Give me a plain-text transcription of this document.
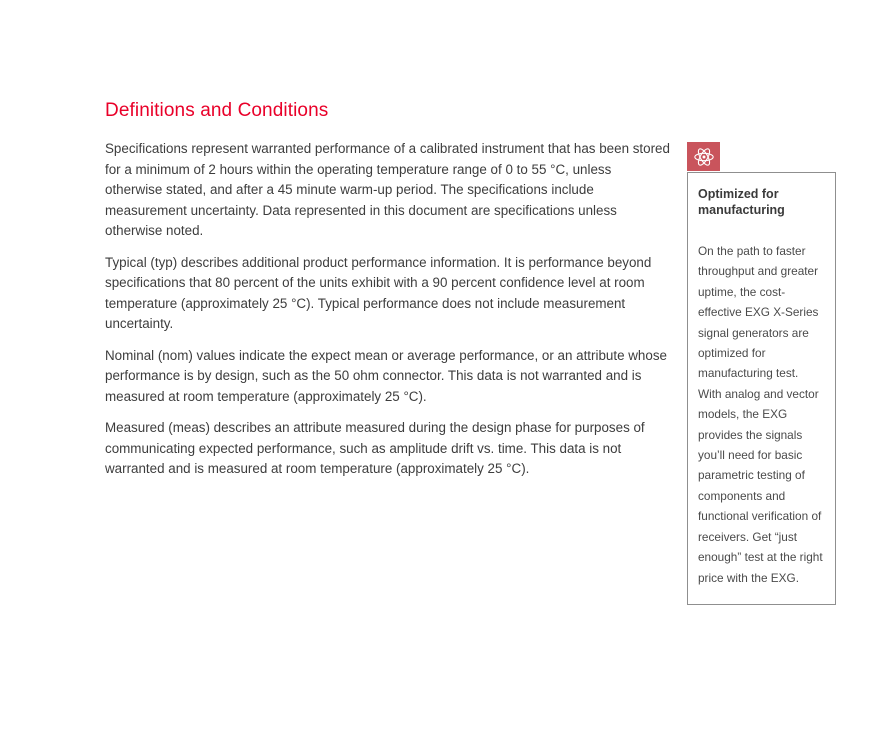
Definitions and Conditions

Specifications represent warranted performance of a calibrated instrument that has been stored for a minimum of 2 hours within the operating temperature range of 0 to 55 °C, unless otherwise stated, and after a 45 minute warm-up period. The specifications include measurement uncertainty. Data represented in this document are specifications unless otherwise noted.

Typical (typ) describes additional product performance information. It is performance beyond specifications that 80 percent of the units exhibit with a 90 percent confidence level at room temperature (approximately 25 °C). Typical performance does not include measurement uncertainty.

Nominal (nom) values indicate the expect mean or average performance, or an attribute whose performance is by design, such as the 50 ohm connector. This data is not warranted and is measured at room temperature (approximately 25 °C).

Measured (meas) describes an attribute measured during the design phase for purposes of communicating expected performance, such as amplitude drift vs. time. This data is not warranted and is measured at room temperature (approximately 25 °C).

Optimized for manufacturing

On the path to faster throughput and greater uptime, the cost-effective EXG X-Series signal generators are optimized for manufacturing test. With analog and vector models, the EXG provides the signals you’ll need for basic parametric testing of components and functional verification of receivers. Get “just enough” test at the right price with the EXG.
